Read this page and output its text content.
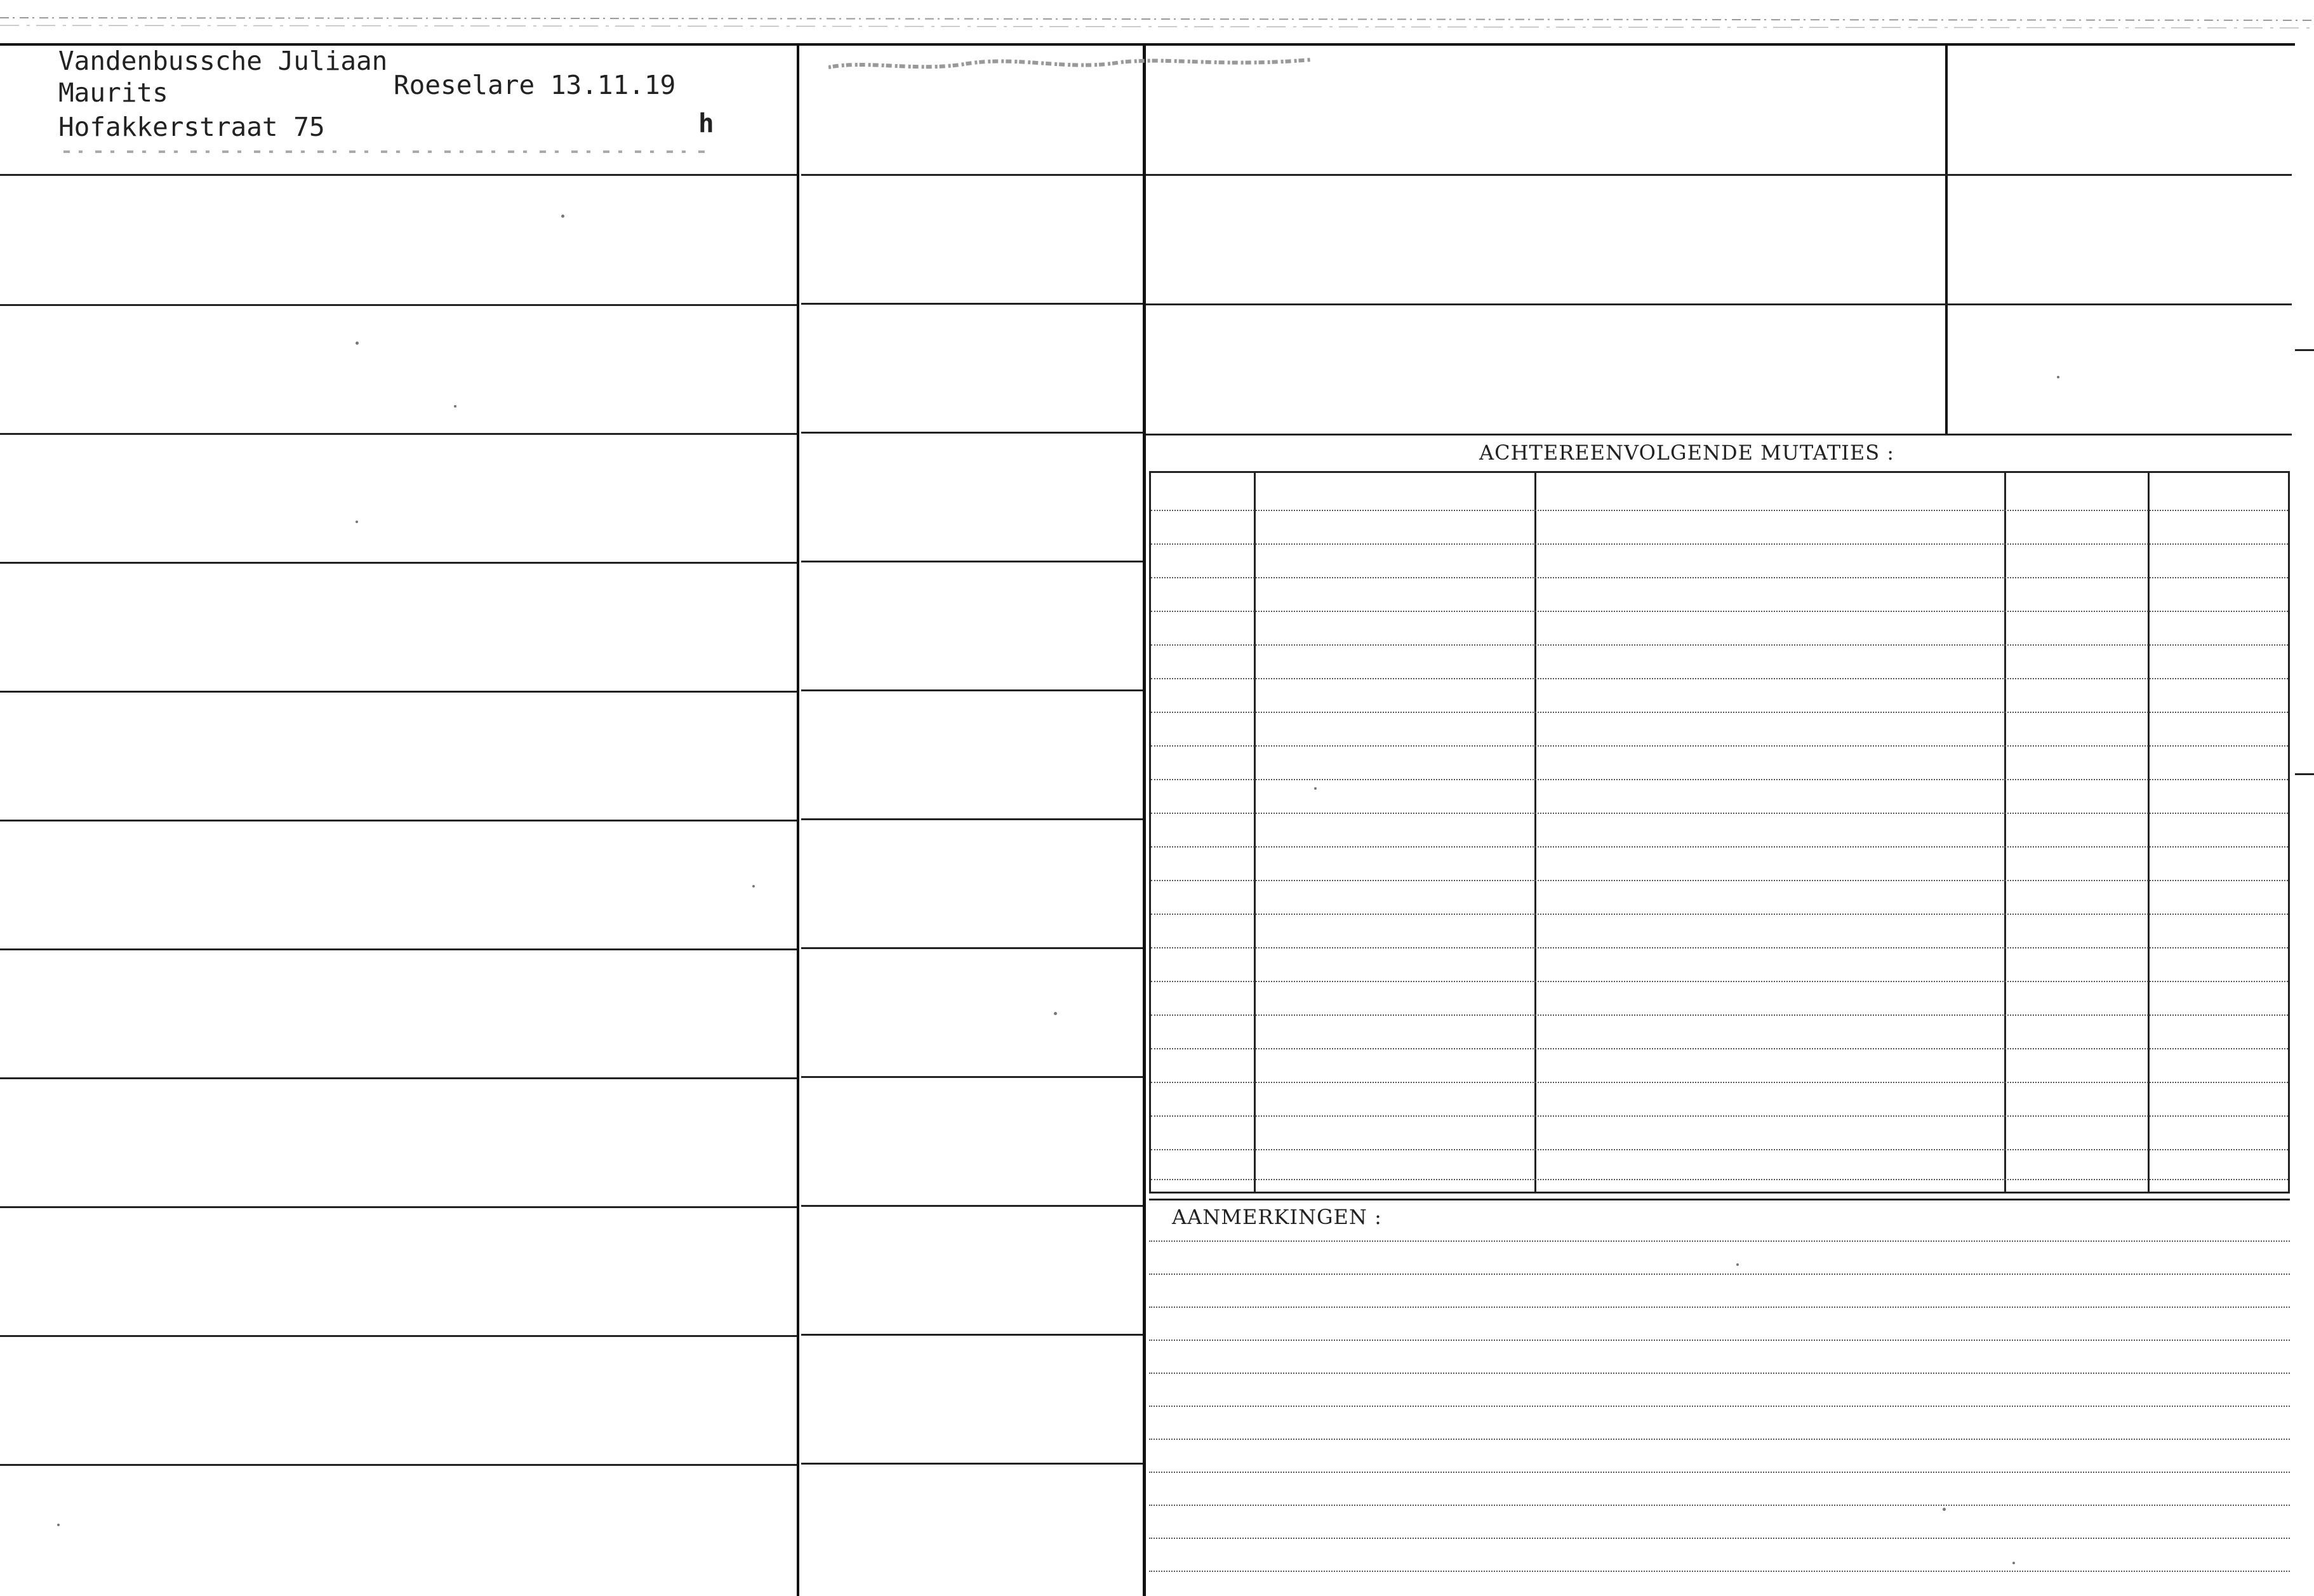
Vandenbussche Juliaan

Maurits

Hofakkerstraat 75

Roeselare 13.11.19
h
ACHTEREENVOLGENDE MUTATIES :
AANMERKINGEN :
